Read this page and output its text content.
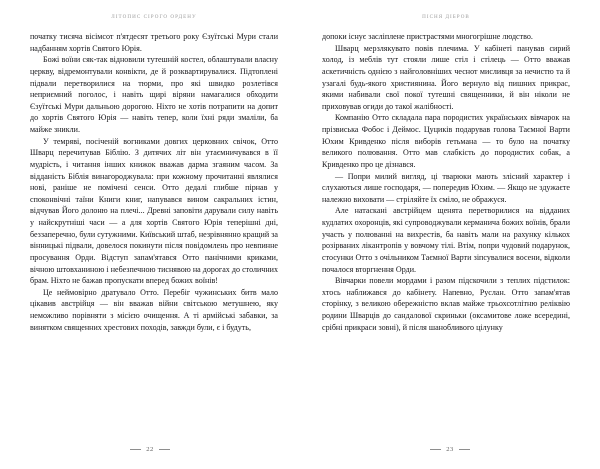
ЛІТОПИС СІРОГО ОРДЕНУ

початку тисяча вісімсот п'ятдесят третього року Єзуїтські Мури стали надбанням хортів Святого Юрія.

Божі воїни сяк-так відновили тутешній костел, облаштували власну церкву, відремонтували конвікти, де й розквартирувалися. Підтоплені підвали перетворилися на тюрми, про які швидко розлетівся неприємний поголос, і навіть щирі віряни намагалися обходити Єзуїтські Мури дальньою дорогою. Ніхто не хотів потрапити на допит до хортів Святого Юрія — навіть тепер, коли їхні ряди змаліли, ба майже зникли.

У темряві, посіченій вогниками довгих церковних свічок, Отто Шварц перечитував Біблію. З дитячих літ він утаємничувався в її мудрість, і читання інших книжок вважав дарма згаяним часом. За відданість Біблія винагороджувала: при кожному прочитанні являлися нові, раніше не помічені сенси. Отто дедалі глибше пірнав у споконвічні таїни Книги книг, напувався вином сакральних істин, відчував Його долоню на плечі... Древні заповіти дарували силу навіть у найскрутніші часи — а для хортів Святого Юрія теперішні дні, беззаперечно, були сутужними. Київський штаб, незрівнянно кращий за вінницькі підвали, довелося покинути після повідомлень про невпинне просування Орди. Відступ запам'ятався Отто панічними криками, вічною штовханиною і небезпечною тиснявою на дорогах до столичних брам. Ніхто не бажав пропускати вперед божих воїнів!

Це неймовірно дратувало Отто. Перебіг чужинських битв мало цікавив австрійця — він вважав війни світською метушнею, яку неможливо порівняти з місією очищення. А ті армійські забавки, за винятком священних хрестових походів, завжди були, є і будуть,

22
ПІСНЯ ДІБРОВ

допоки існує засліплене пристрастями многогрішне людство.

Шварц мерзлякувато повів плечима. У кабінеті панував сирий холод, із меблів тут стояли лише стіл і стілець — Отто вважав аскетичність однією з найголовніших чеснот мисливця за нечистю та й узагалі будь-якого християнина. Його вернуло від пишних прикрас, якими набивали свої покої тутешні священники, й він ніколи не приховував огиди до такої жалібності.

Компанію Отто складала пара породистих українських вівчарок на прізвиська Фобос і Деймос. Цуциків подарував голова Таємної Варти Юхим Кривденко після виборів гетьмана — то було на початку великого полювання. Отто мав слабкість до породистих собак, а Кривденко про це дізнався.

— Попри милий вигляд, ці тварюки мають злісний характер і слухаються лише господаря, — попередив Юхим. — Якщо не здужаєте належно виховати — стріляйте їх сміло, не ображуся.

Але натаскані австрійцем щенята перетворилися на відданих кудлатих охоронців, які супроводжували керманича божих воїнів, брали участь у полюванні на вихрестів, ба навіть мали на рахунку кількох розірваних лікантропів у вовчому тілі. Втім, попри чудовий подарунок, стосунки Отто з очільником Таємної Варти зіпсувалися восени, відколи почалося вторгнення Орди.

Вівчарки повели мордами і разом підскочили з теплих підстилок: хтось наближався до кабінету. Напевно, Руслан. Отто запам'ятав сторінку, з великою обережністю вклав майже трьохсотлітню реліквію родини Шварців до сандалової скриньки (оксамитове ложе всередині, срібні прикраси зовні), й після шанобливого цілунку

23
